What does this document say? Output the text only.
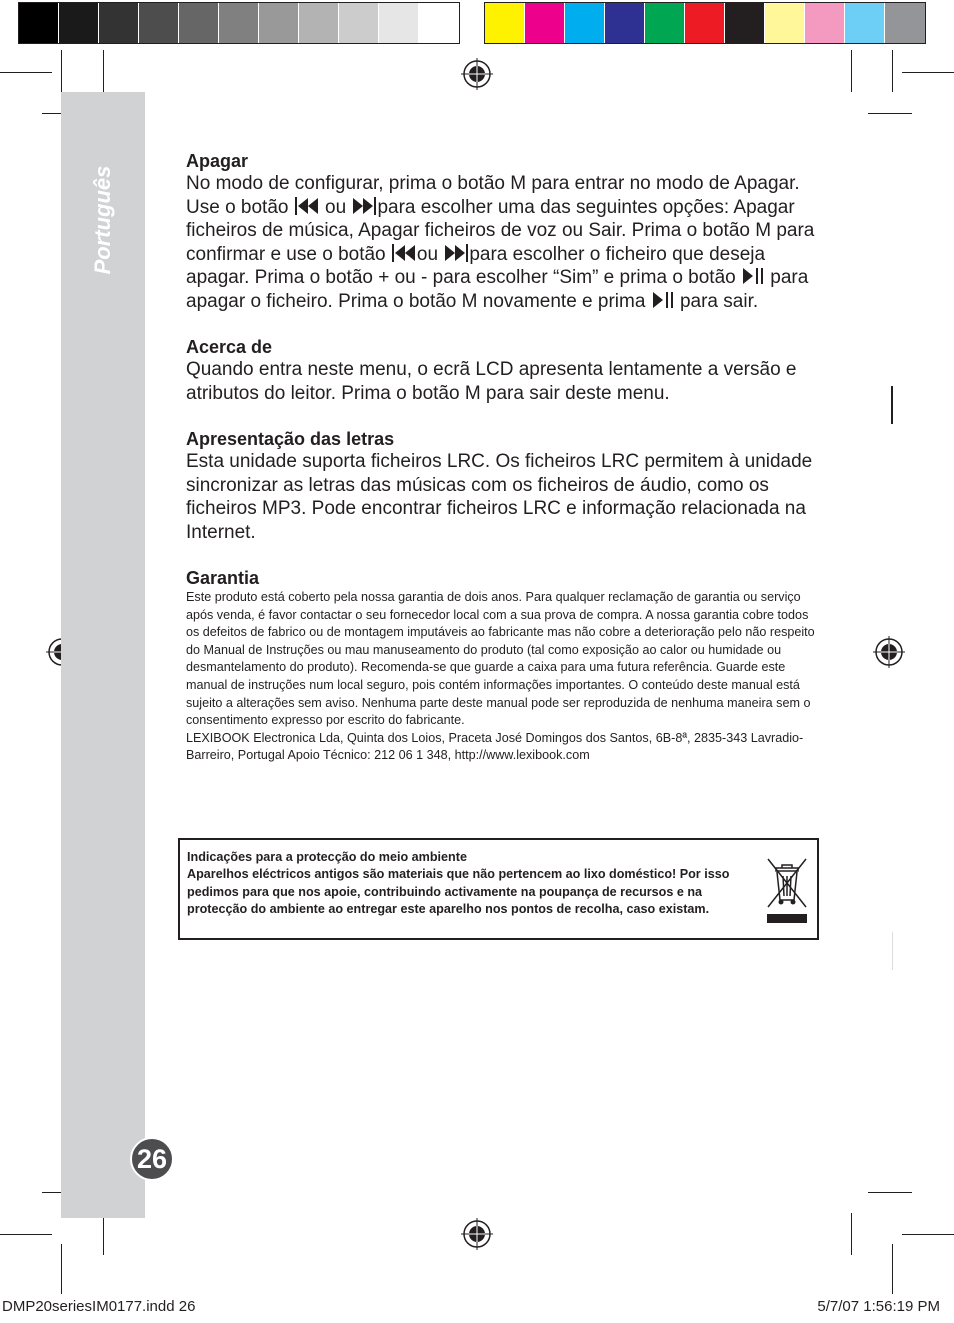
Português
26
Apagar
No modo de configurar, prima o botão M para entrar no modo de Apagar. Use o botão ou para escolher uma das seguintes opções: Apagar ficheiros de música, Apagar ficheiros de voz ou Sair. Prima o botão M para confirmar e use o botão ou para escolher o ficheiro que deseja apagar. Prima o botão + ou - para escolher “Sim” e prima o botão para apagar o ficheiro. Prima o botão M novamente e prima para sair.
Acerca de
Quando entra neste menu, o ecrã LCD apresenta lentamente a versão e atributos do leitor. Prima o botão M para sair deste menu.
Apresentação das letras
Esta unidade suporta ficheiros LRC. Os ficheiros LRC permitem à unidade sincronizar as letras das músicas com os ficheiros de áudio, como os ficheiros MP3. Pode encontrar ficheiros LRC e informação relacionada na Internet.
Garantia
Este produto está coberto pela nossa garantia de dois anos. Para qualquer reclamação de garantia ou serviço após venda, é favor contactar o seu fornecedor local com a sua prova de compra. A nossa garantia cobre todos os defeitos de fabrico ou de montagem imputáveis ao fabricante mas não cobre a deterioração pelo não respeito do Manual de Instruções ou mau manuseamento do produto (tal como exposição ao calor ou humidade ou desmantelamento do produto). Recomenda-se que guarde a caixa para uma futura referência. Guarde este manual de instruções num local seguro, pois contém informações importantes. O conteúdo deste manual está sujeito a alterações sem aviso. Nenhuma parte deste manual pode ser reproduzida de nenhuma maneira sem o consentimento expresso por escrito do fabricante.
LEXIBOOK Electronica Lda, Quinta dos Loios, Praceta José Domingos dos Santos, 6B-8ª, 2835-343 Lavradio-Barreiro, Portugal Apoio Técnico: 212 06 1 348, http://www.lexibook.com
Indicações para a protecção do meio ambiente
Aparelhos eléctricos antigos são materiais que não pertencem ao lixo doméstico! Por isso pedimos para que nos apoie, contribuindo activamente na poupança de recursos e na protecção do ambiente ao entregar este aparelho nos pontos de recolha, caso existam.
DMP20seriesIM0177.indd 26	5/7/07 1:56:19 PM
